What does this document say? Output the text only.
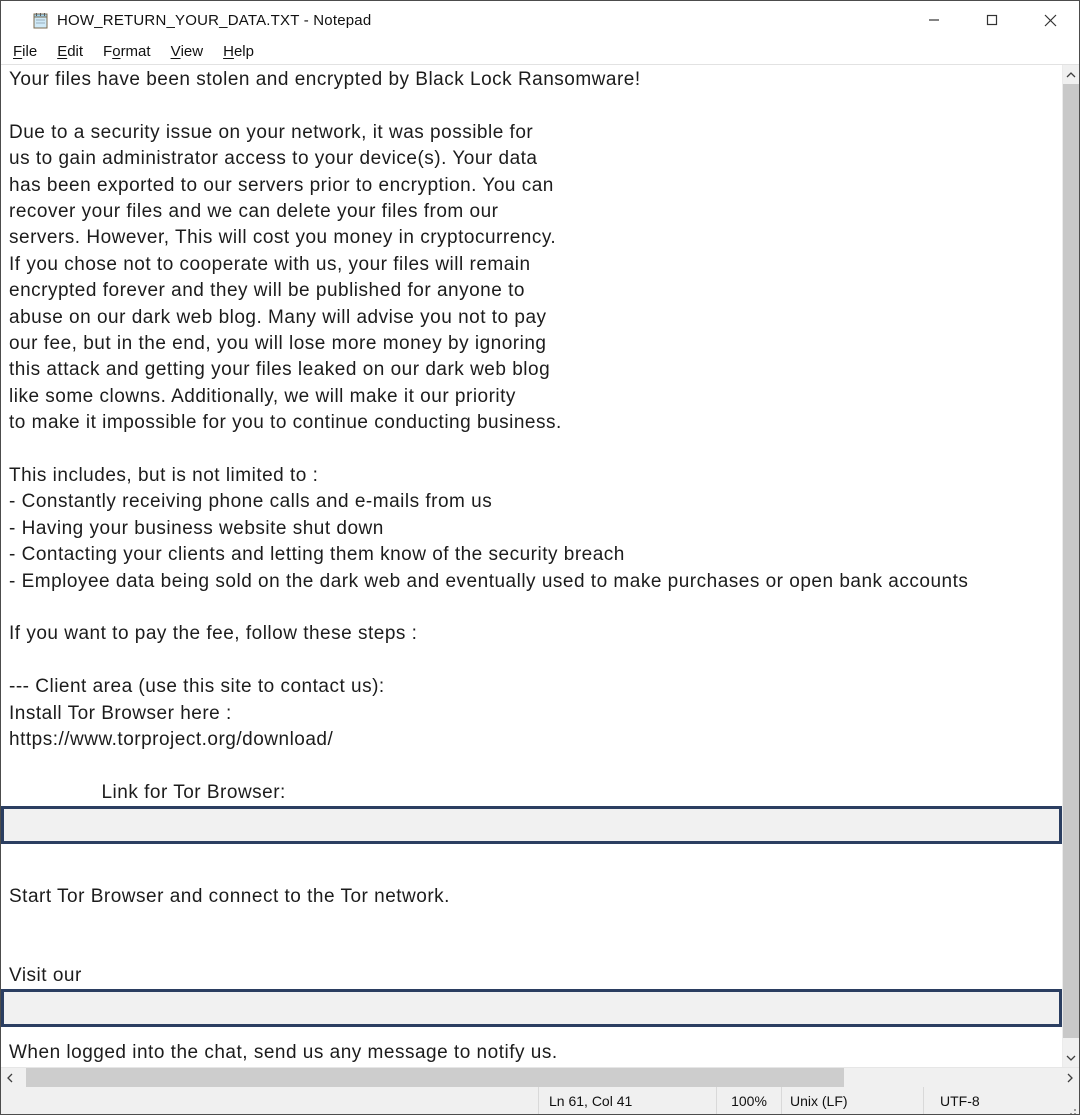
HOW_RETURN_YOUR_DATA.TXT - Notepad
F ile	E dit	F o rmat	V iew	H elp
Your files have been stolen and encrypted by Black Lock Ransomware!
Due to a security issue on your network, it was possible for
us to gain administrator access to your device(s). Your data
has been exported to our servers prior to encryption. You can
recover your files and we can delete your files from our
servers. However, This will cost you money in cryptocurrency.
If you chose not to cooperate with us, your files will remain
encrypted forever and they will be published for anyone to
abuse on our dark web blog. Many will advise you not to pay
our fee, but in the end, you will lose more money by ignoring
this attack and getting your files leaked on our dark web blog
like some clowns. Additionally, we will make it our priority
to make it impossible for you to continue conducting business.
This includes, but is not limited to :
- Constantly receiving phone calls and e-mails from us
- Having your business website shut down
- Contacting your clients and letting them know of the security breach
- Employee data being sold on the dark web and eventually used to make purchases or open bank accounts
If you want to pay the fee, follow these steps :
--- Client area (use this site to contact us):
Install Tor Browser here :
https://www.torproject.org/download/
Link for Tor Browser:
Start Tor Browser and connect to the Tor network.
Visit our
When logged into the chat, send us any message to notify us.
Ln 61, Col 41	100%	Unix (LF)	UTF-8
